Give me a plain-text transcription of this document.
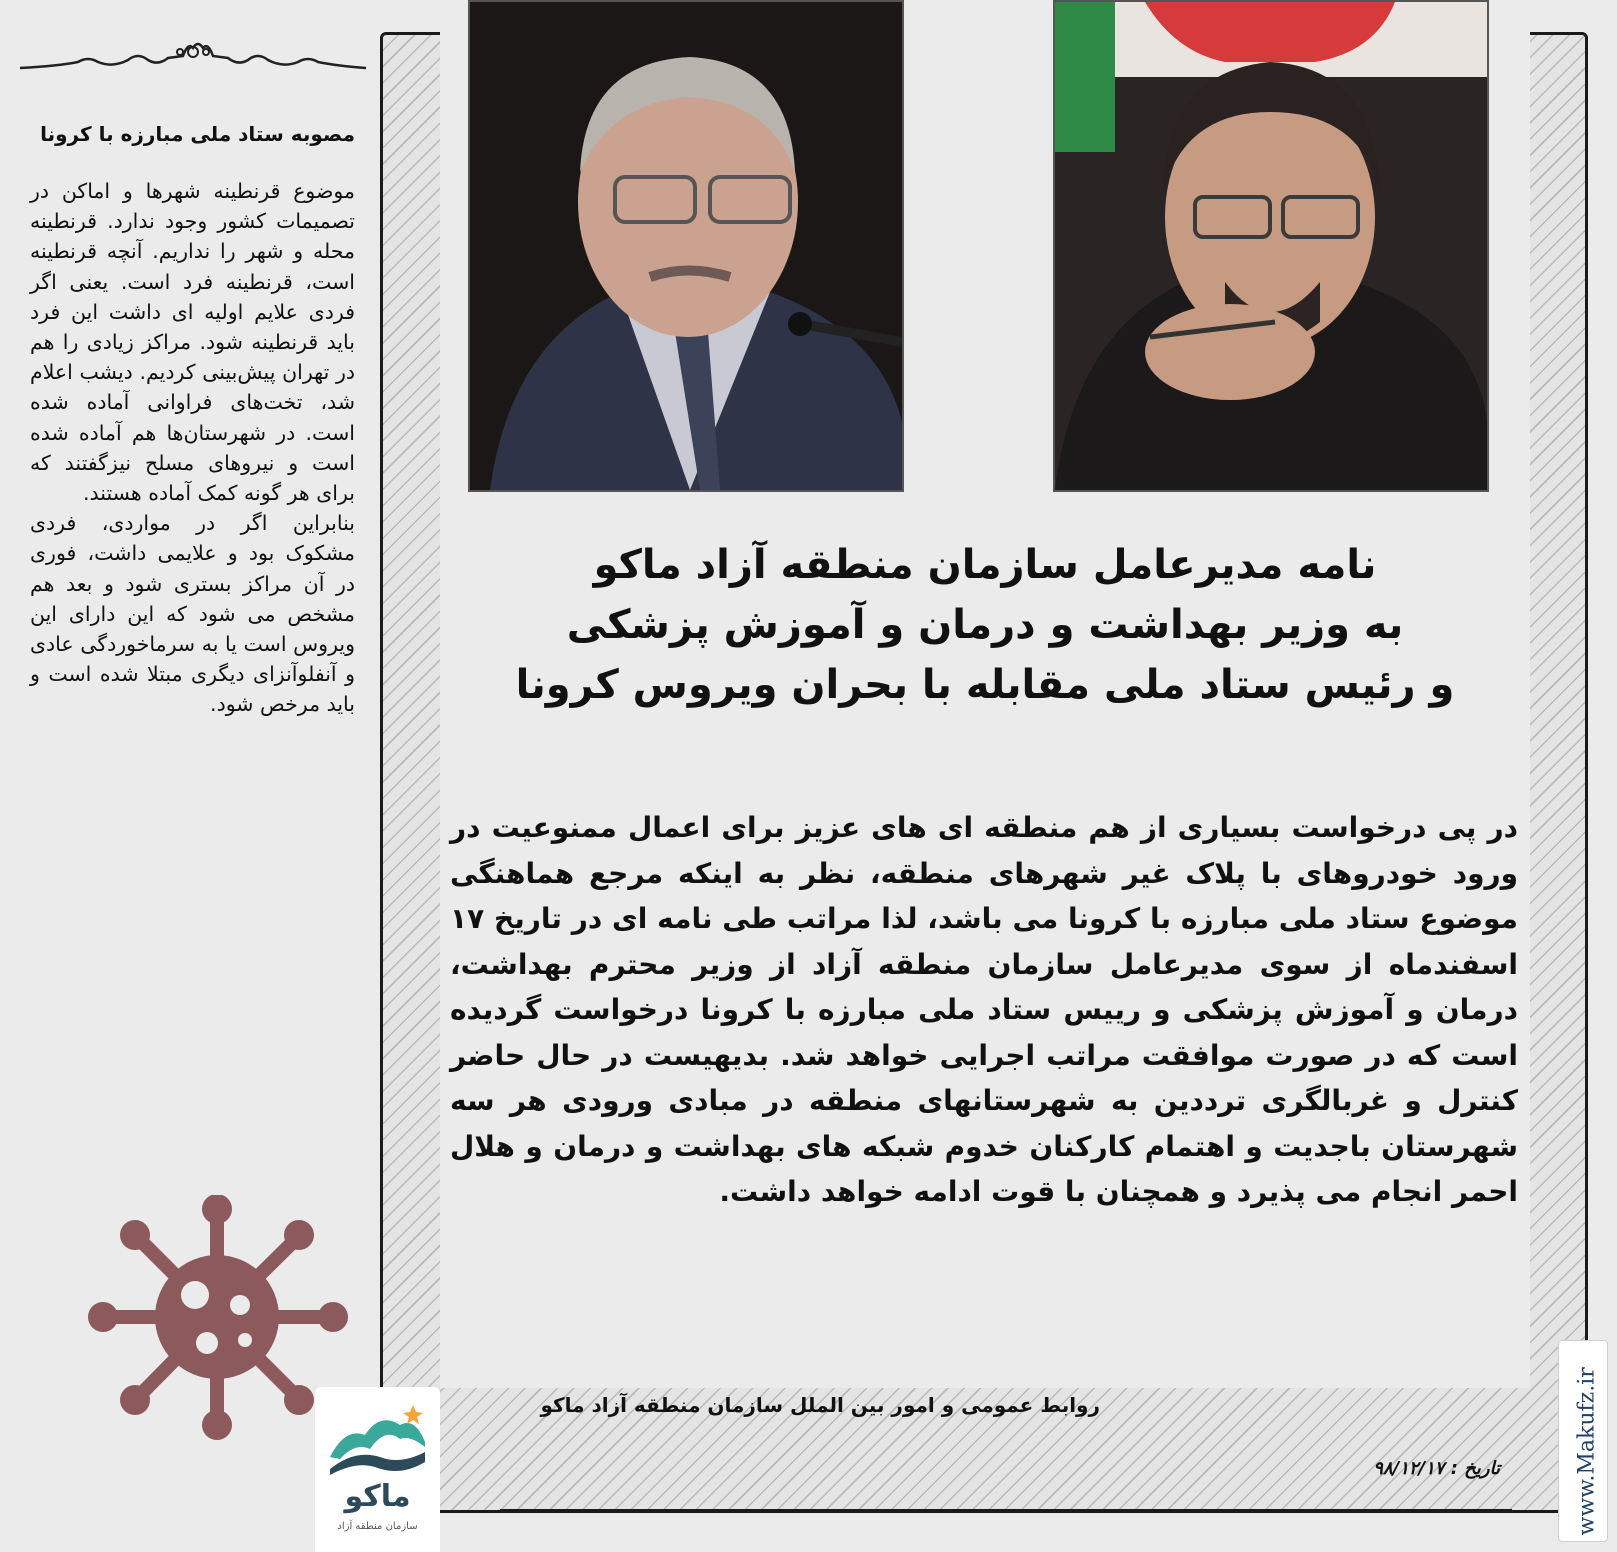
مصوبه ستاد ملی مبارزه با کرونا

موضوع قرنطینه شهرها و اماکن در تصمیمات کشور وجود ندارد. قرنطینه محله و شهر را نداریم. آنچه قرنطینه است، قرنطینه فرد است. یعنی اگر فردی علایم اولیه ای داشت این فرد باید قرنطینه شود. مراکز زیادی را هم در تهران پیش‌بینی کردیم. دیشب اعلام شد، تخت‌های فراوانی آماده شده است. در شهرستان‌ها هم آماده شده است و نیروهای مسلح نیزگفتند که برای هر گونه کمک آماده هستند.

بنابراین اگر در مواردی، فردی مشکوک بود و علایمی داشت، فوری در آن مراکز بستری شود و بعد هم مشخص می شود که این دارای این ویروس است یا به سرماخوردگی عادی و آنفلوآنزای دیگری مبتلا شده است و باید مرخص شود.

نامه مدیرعامل سازمان منطقه آزاد ماکو
به وزیر بهداشت و درمان و آموزش پزشکی
و رئیس ستاد ملی مقابله با بحران ویروس کرونا
در پی درخواست بسیاری از هم منطقه ای های عزیز برای اعمال ممنوعیت در ورود خودروهای با پلاک غیر شهرهای منطقه، نظر به اینکه مرجع هماهنگی موضوع ستاد ملی مبارزه با کرونا می باشد، لذا مراتب طی نامه ای در تاریخ ۱۷ اسفندماه از سوی مدیرعامل سازمان منطقه آزاد از وزیر محترم بهداشت، درمان و آموزش پزشکی و رییس ستاد ملی مبارزه با کرونا درخواست گردیده است که در صورت موافقت مراتب اجرایی خواهد شد. بدیهیست در حال حاضر کنترل و غربالگری ترددین به شهرستانهای منطقه در مبادی ورودی هر سه شهرستان باجدیت و اهتمام کارکنان خدوم شبکه های بهداشت و درمان و هلال احمر انجام می پذیرد و همچنان با قوت ادامه خواهد داشت.
روابط عمومی و امور بین الملل سازمان منطقه آزاد ماکو
تاریخ : ۹۸/۱۲/۱۷
ماکو
سازمان منطقه آزاد	www.Makufz.ir
